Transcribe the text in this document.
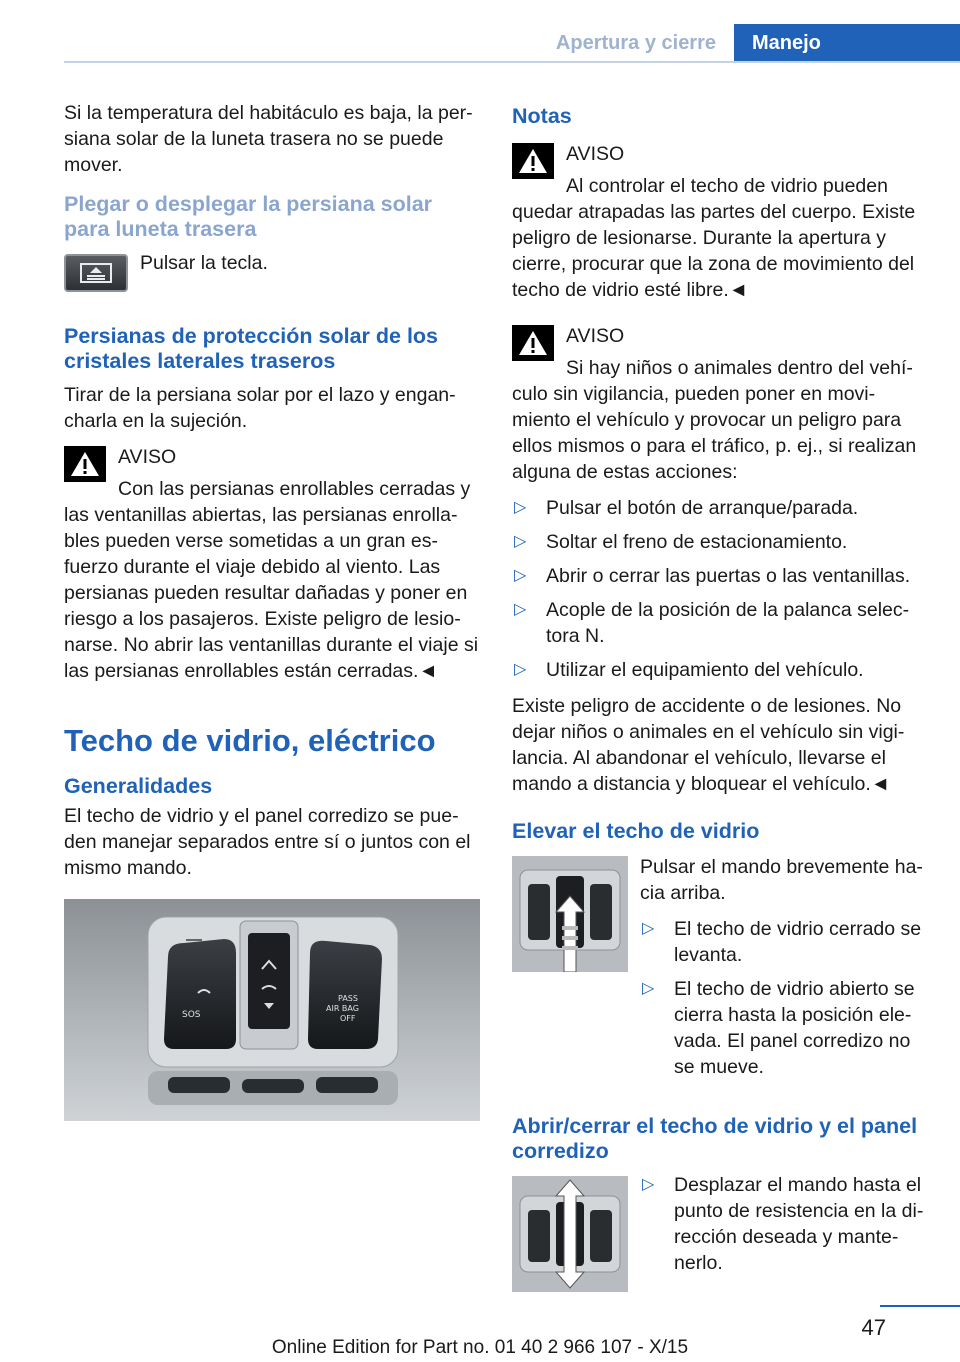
Apertura y cierre	Manejo

Si la temperatura del habitáculo es baja, la persiana solar de la luneta trasera no se puede mover.

Plegar o desplegar la persiana solar para luneta trasera

Pulsar la tecla.

Persianas de protección solar de los cristales laterales traseros

Tirar de la persiana solar por el lazo y engancharla en la sujeción.

AVISO

Con las persianas enrollables cerradas y las ventanillas abiertas, las persianas enrollables pueden verse sometidas a un gran esfuerzo durante el viaje debido al viento. Las persianas pueden resultar dañadas y poner en riesgo a los pasajeros. Existe peligro de lesionarse. No abrir las ventanillas durante el viaje si las persianas enrollables están cerradas.◄

Techo de vidrio, eléctrico
Generalidades

El techo de vidrio y el panel corredizo se pueden manejar separados entre sí o juntos con el mismo mando.

SOS
PASS
AIR BAG
OFF
Notas
AVISO

Al controlar el techo de vidrio pueden quedar atrapadas las partes del cuerpo. Existe peligro de lesionarse. Durante la apertura y cierre, procurar que la zona de movimiento del techo de vidrio esté libre.◄

AVISO

Si hay niños o animales dentro del vehículo sin vigilancia, pueden poner en movimiento el vehículo y provocar un peligro para ellos mismos o para el tráfico, p. ej., si realizan alguna de estas acciones:

▷ Pulsar el botón de arranque/parada.
▷ Soltar el freno de estacionamiento.
▷ Abrir o cerrar las puertas o las ventanillas.
▷ Acople de la posición de la palanca selectora N.
▷ Utilizar el equipamiento del vehículo.

Existe peligro de accidente o de lesiones. No dejar niños o animales en el vehículo sin vigilancia. Al abandonar el vehículo, llevarse el mando a distancia y bloquear el vehículo.◄

Elevar el techo de vidrio

Pulsar el mando brevemente hacia arriba.

▷ El techo de vidrio cerrado se levanta.
▷ El techo de vidrio abierto se cierra hasta la posición elevada. El panel corredizo no se mueve.
Abrir/cerrar el techo de vidrio y el panel corredizo
▷ Desplazar el mando hasta el punto de resistencia en la dirección deseada y mantenerlo.
47
Online Edition for Part no. 01 40 2 966 107 - X/15
